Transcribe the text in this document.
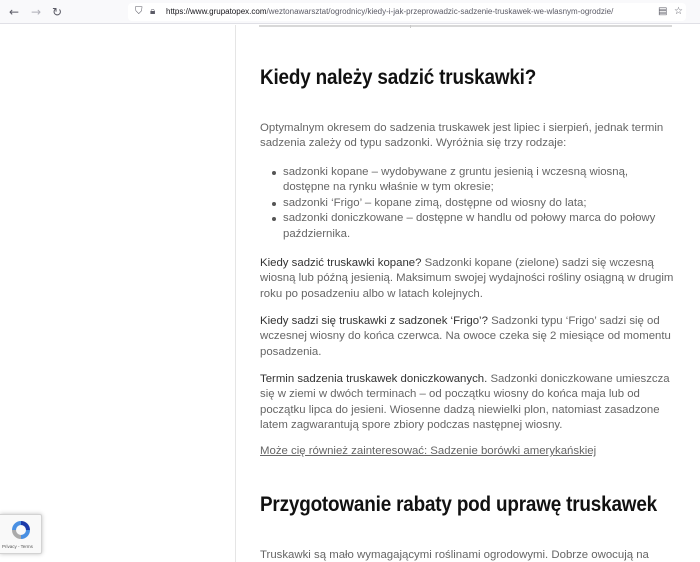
← → ↻	⛉ 🔒︎ https://www.grupatopex.com/weztonawarsztat/ogrodnicy/kiedy-i-jak-przeprowadzic-sadzenie-truskawek-we-wlasnym-ogrodzie/	▤ ☆
Kiedy należy sadzić truskawki?

Optymalnym okresem do sadzenia truskawek jest lipiec i sierpień, jednak termin sadzenia zależy od typu sadzonki. Wyróżnia się trzy rodzaje:

sadzonki kopane – wydobywane z gruntu jesienią i wczesną wiosną, dostępne na rynku właśnie w tym okresie;
sadzonki ‘Frigo’ – kopane zimą, dostępne od wiosny do lata;
sadzonki doniczkowane – dostępne w handlu od połowy marca do połowy października.

Kiedy sadzić truskawki kopane? Sadzonki kopane (zielone) sadzi się wczesną wiosną lub późną jesienią. Maksimum swojej wydajności rośliny osiągną w drugim roku po posadzeniu albo w latach kolejnych.

Kiedy sadzi się truskawki z sadzonek ‘Frigo’? Sadzonki typu ‘Frigo’ sadzi się od wczesnej wiosny do końca czerwca. Na owoce czeka się 2 miesiące od momentu posadzenia.

Termin sadzenia truskawek doniczkowanych. Sadzonki doniczkowane umieszcza się w ziemi w dwóch terminach – od początku wiosny do końca maja lub od początku lipca do jesieni. Wiosenne dadzą niewielki plon, natomiast zasadzone latem zagwarantują spore zbiory podczas następnej wiosny.

Może cię również zainteresować: Sadzenie borówki amerykańskiej

Przygotowanie rabaty pod uprawę truskawek

Truskawki są mało wymagającymi roślinami ogrodowymi. Dobrze owocują na

Privacy - Terms
